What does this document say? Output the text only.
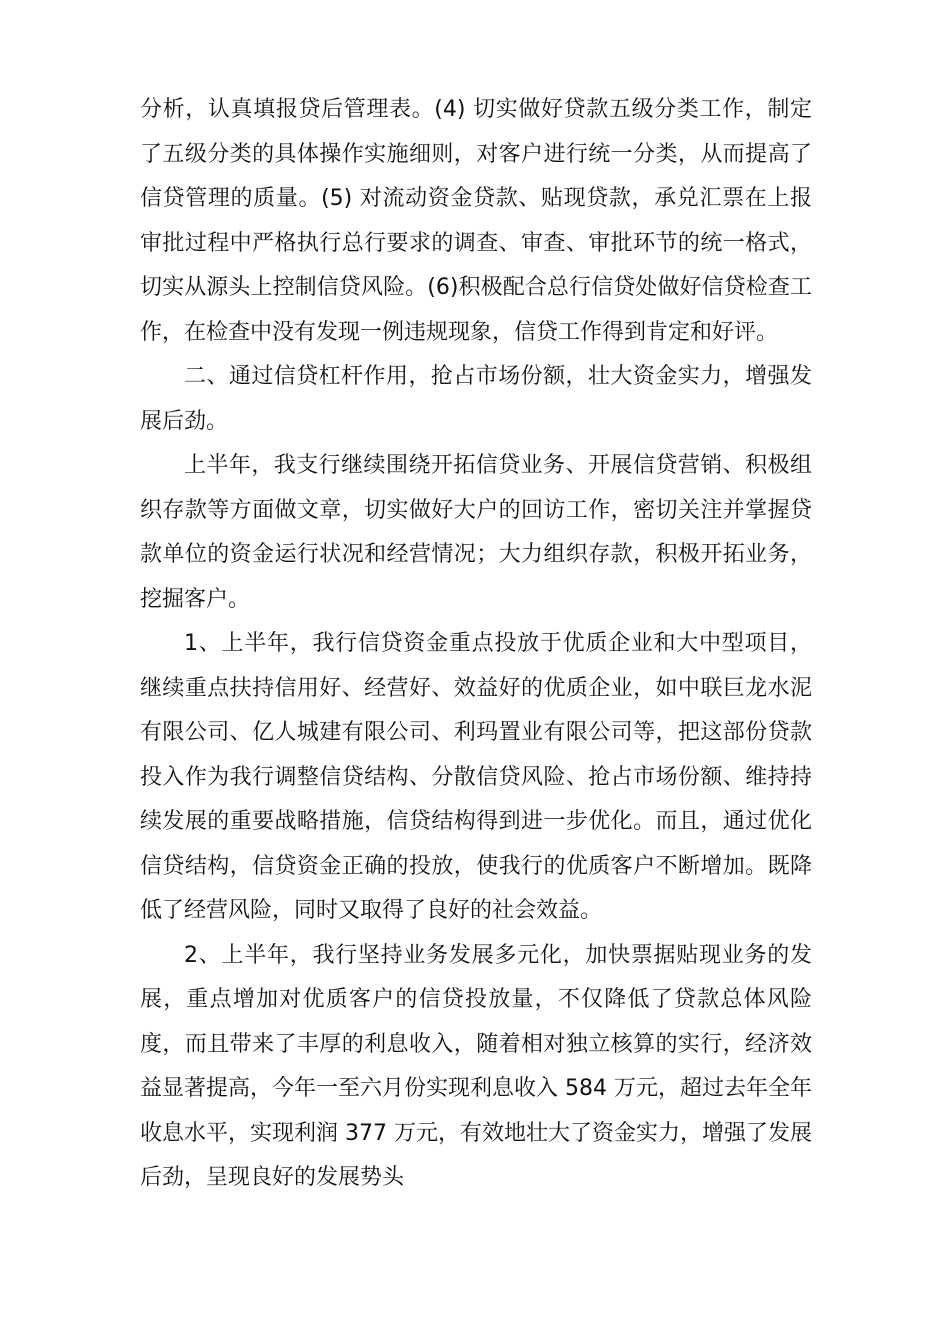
分析，认真填报贷后管理表。(4) 切实做好贷款五级分类工作，制定了五级分类的具体操作实施细则，对客户进行统一分类，从而提高了信贷管理的质量。(5) 对流动资金贷款、贴现贷款，承兑汇票在上报审批过程中严格执行总行要求的调查、审查、审批环节的统一格式，切实从源头上控制信贷风险。(6)积极配合总行信贷处做好信贷检查工作，在检查中没有发现一例违规现象，信贷工作得到肯定和好评。

二、通过信贷杠杆作用，抢占市场份额，壮大资金实力，增强发展后劲。

上半年，我支行继续围绕开拓信贷业务、开展信贷营销、积极组织存款等方面做文章，切实做好大户的回访工作，密切关注并掌握贷款单位的资金运行状况和经营情况；大力组织存款，积极开拓业务，挖掘客户。

1、上半年，我行信贷资金重点投放于优质企业和大中型项目，继续重点扶持信用好、经营好、效益好的优质企业，如中联巨龙水泥有限公司、亿人城建有限公司、利玛置业有限公司等，把这部份贷款投入作为我行调整信贷结构、分散信贷风险、抢占市场份额、维持持续发展的重要战略措施，信贷结构得到进一步优化。而且，通过优化信贷结构，信贷资金正确的投放，使我行的优质客户不断增加。既降低了经营风险，同时又取得了良好的社会效益。

2、上半年，我行坚持业务发展多元化，加快票据贴现业务的发展，重点增加对优质客户的信贷投放量，不仅降低了贷款总体风险度，而且带来了丰厚的利息收入，随着相对独立核算的实行，经济效益显著提高，今年一至六月份实现利息收入 584 万元，超过去年全年收息水平，实现利润 377 万元，有效地壮大了资金实力，增强了发展后劲，呈现良好的发展势头
